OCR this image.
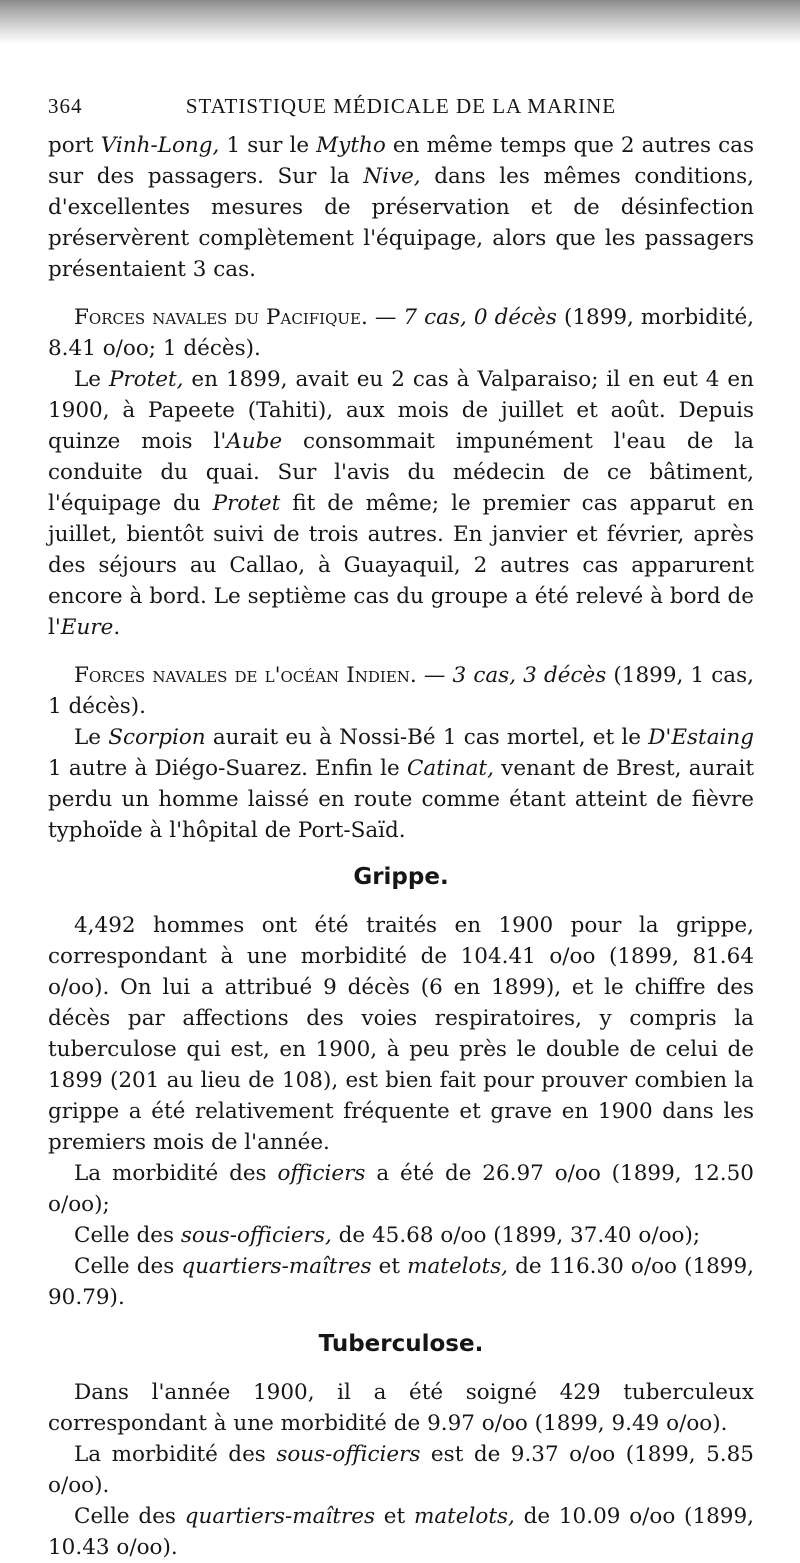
364	STATISTIQUE MÉDICALE DE LA MARINE

port Vinh-Long, 1 sur le Mytho en même temps que 2 autres cas sur des passagers. Sur la Nive, dans les mêmes conditions, d'excellentes mesures de préservation et de désinfection préservèrent complètement l'équipage, alors que les passagers présentaient 3 cas.

Forces navales du Pacifique. — 7 cas, 0 décès (1899, morbidité, 8.41 o/oo; 1 décès).

Le Protet, en 1899, avait eu 2 cas à Valparaiso; il en eut 4 en 1900, à Papeete (Tahiti), aux mois de juillet et août. Depuis quinze mois l'Aube consommait impunément l'eau de la conduite du quai. Sur l'avis du médecin de ce bâtiment, l'équipage du Protet fit de même; le premier cas apparut en juillet, bientôt suivi de trois autres. En janvier et février, après des séjours au Callao, à Guayaquil, 2 autres cas apparurent encore à bord. Le septième cas du groupe a été relevé à bord de l'Eure.

Forces navales de l'océan Indien. — 3 cas, 3 décès (1899, 1 cas, 1 décès).

Le Scorpion aurait eu à Nossi-Bé 1 cas mortel, et le D'Estaing 1 autre à Diégo-Suarez. Enfin le Catinat, venant de Brest, aurait perdu un homme laissé en route comme étant atteint de fièvre typhoïde à l'hôpital de Port-Saïd.

Grippe.

4,492 hommes ont été traités en 1900 pour la grippe, correspondant à une morbidité de 104.41 o/oo (1899, 81.64 o/oo). On lui a attribué 9 décès (6 en 1899), et le chiffre des décès par affections des voies respiratoires, y compris la tuberculose qui est, en 1900, à peu près le double de celui de 1899 (201 au lieu de 108), est bien fait pour prouver combien la grippe a été relativement fréquente et grave en 1900 dans les premiers mois de l'année.

La morbidité des officiers a été de 26.97 o/oo (1899, 12.50 o/oo);

Celle des sous-officiers, de 45.68 o/oo (1899, 37.40 o/oo);

Celle des quartiers-maîtres et matelots, de 116.30 o/oo (1899, 90.79).

Tuberculose.

Dans l'année 1900, il a été soigné 429 tuberculeux correspondant à une morbidité de 9.97 o/oo (1899, 9.49 o/oo).

La morbidité des sous-officiers est de 9.37 o/oo (1899, 5.85 o/oo).

Celle des quartiers-maîtres et matelots, de 10.09 o/oo (1899, 10.43 o/oo).
